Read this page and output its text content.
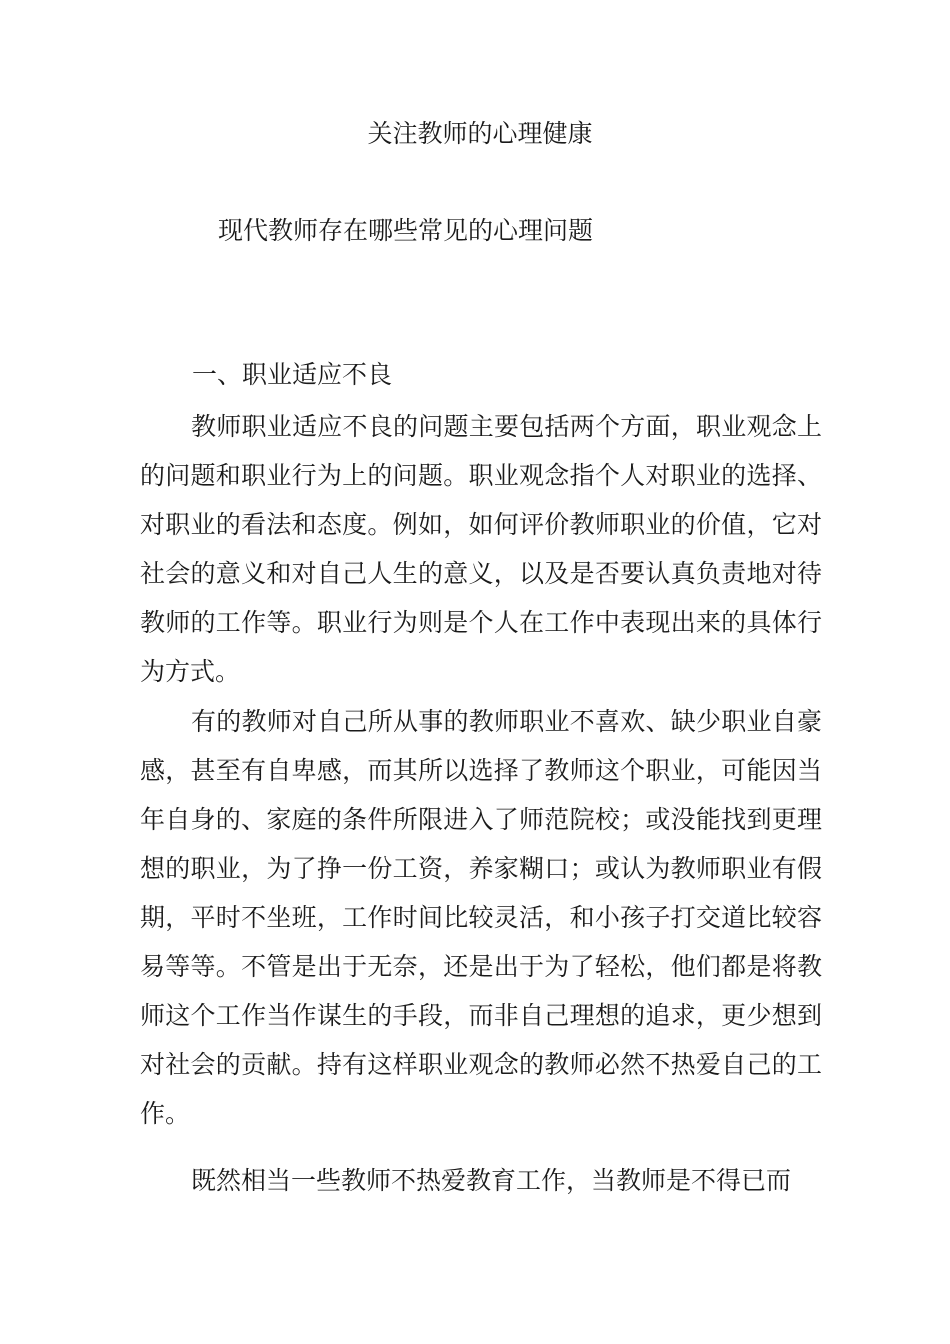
关注教师的心理健康
现代教师存在哪些常见的心理问题
一、职业适应不良

教师职业适应不良的问题主要包括两个方面，职业观念上的问题和职业行为上的问题。职业观念指个人对职业的选择、对职业的看法和态度。例如，如何评价教师职业的价值，它对社会的意义和对自己人生的意义，以及是否要认真负责地对待教师的工作等。职业行为则是个人在工作中表现出来的具体行为方式。

有的教师对自己所从事的教师职业不喜欢、缺少职业自豪感，甚至有自卑感，而其所以选择了教师这个职业，可能因当年自身的、家庭的条件所限进入了师范院校；或没能找到更理想的职业，为了挣一份工资，养家糊口；或认为教师职业有假期，平时不坐班，工作时间比较灵活，和小孩子打交道比较容易等等。不管是出于无奈，还是出于为了轻松，他们都是将教师这个工作当作谋生的手段，而非自己理想的追求，更少想到对社会的贡献。持有这样职业观念的教师必然不热爱自己的工作。

既然相当一些教师不热爱教育工作，当教师是不得已而
